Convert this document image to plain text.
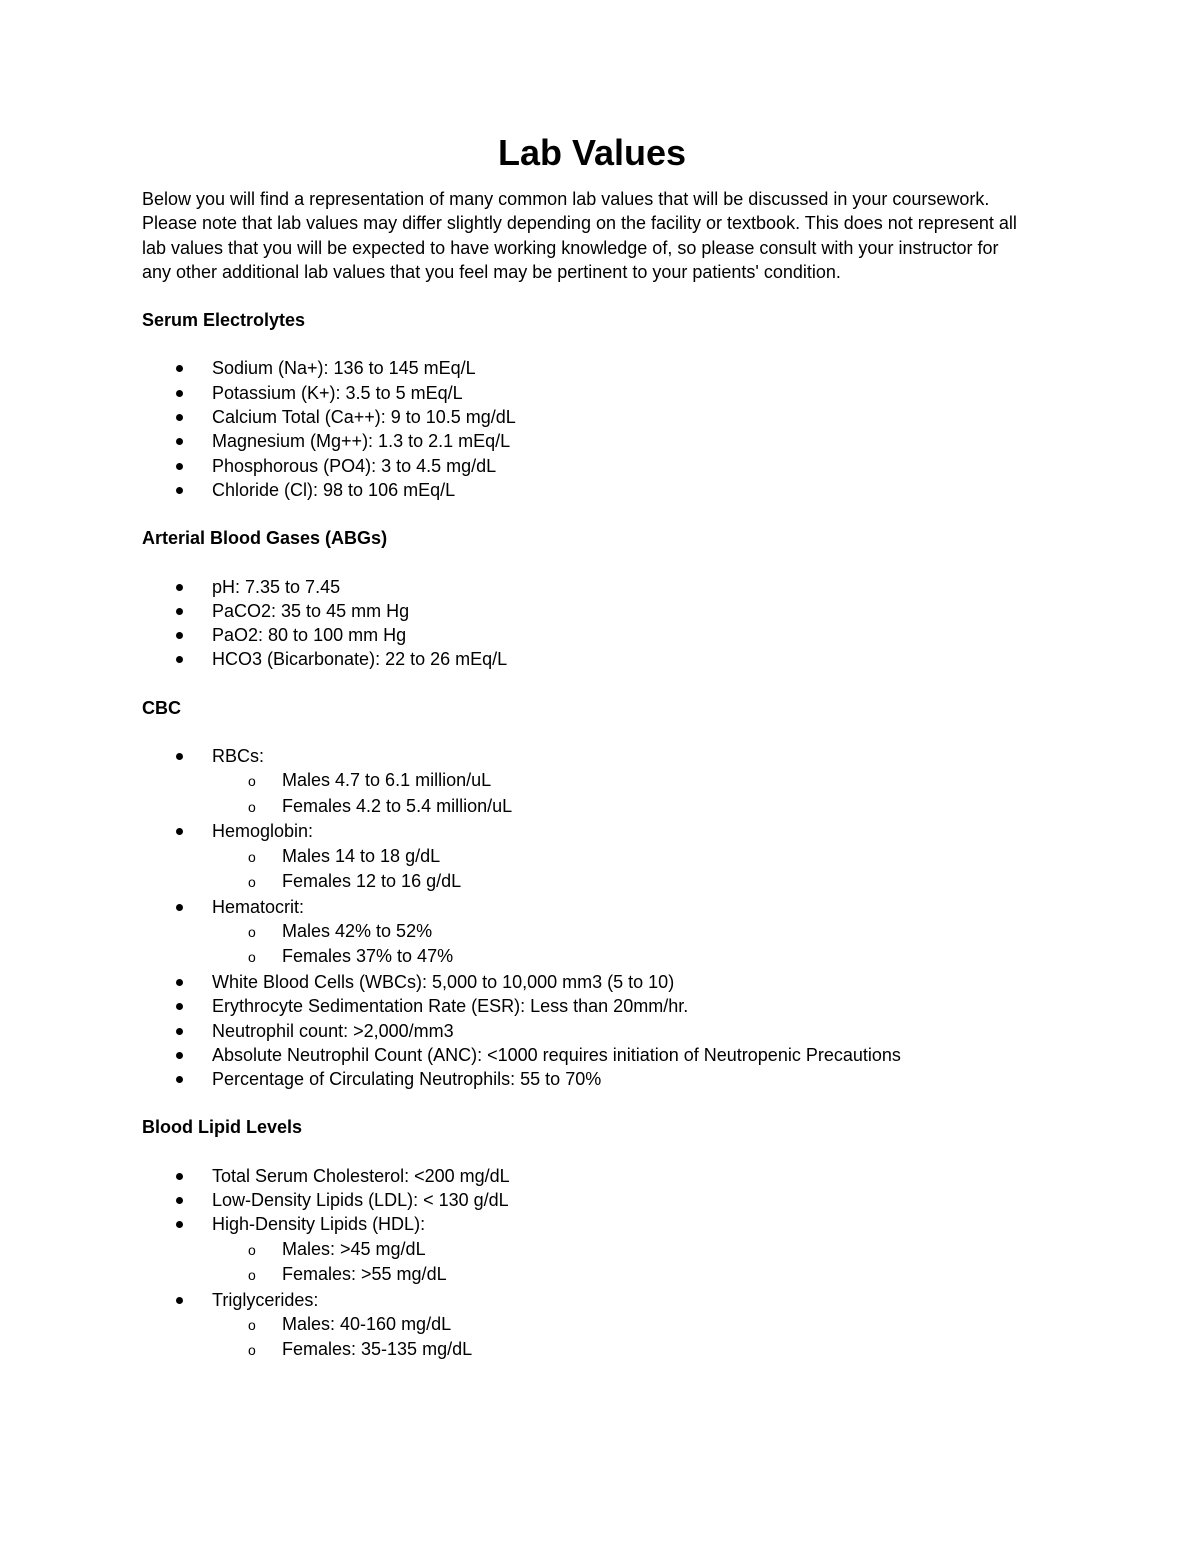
Lab Values

Below you will find a representation of many common lab values that will be discussed in your coursework. Please note that lab values may differ slightly depending on the facility or textbook. This does not represent all lab values that you will be expected to have working knowledge of, so please consult with your instructor for any other additional lab values that you feel may be pertinent to your patients' condition.

Serum Electrolytes
Sodium (Na+): 136 to 145 mEq/L
Potassium (K+): 3.5 to 5 mEq/L
Calcium Total (Ca++): 9 to 10.5 mg/dL
Magnesium (Mg++): 1.3 to 2.1 mEq/L
Phosphorous (PO4): 3 to 4.5 mg/dL
Chloride (Cl): 98 to 106 mEq/L
Arterial Blood Gases (ABGs)
pH: 7.35 to 7.45
PaCO2: 35 to 45 mm Hg
PaO2: 80 to 100 mm Hg
HCO3 (Bicarbonate): 22 to 26 mEq/L
CBC
RBCs:
o Males 4.7 to 6.1 million/uL
o Females 4.2 to 5.4 million/uL
Hemoglobin:
o Males 14 to 18 g/dL
o Females 12 to 16 g/dL
Hematocrit:
o Males 42% to 52%
o Females 37% to 47%
White Blood Cells (WBCs): 5,000 to 10,000 mm3 (5 to 10)
Erythrocyte Sedimentation Rate (ESR): Less than 20mm/hr.
Neutrophil count: >2,000/mm3
Absolute Neutrophil Count (ANC): <1000 requires initiation of Neutropenic Precautions
Percentage of Circulating Neutrophils: 55 to 70%
Blood Lipid Levels
Total Serum Cholesterol: <200 mg/dL
Low-Density Lipids (LDL): < 130 g/dL
High-Density Lipids (HDL):
o Males: >45 mg/dL
o Females: >55 mg/dL
Triglycerides:
o Males: 40-160 mg/dL
o Females: 35-135 mg/dL
